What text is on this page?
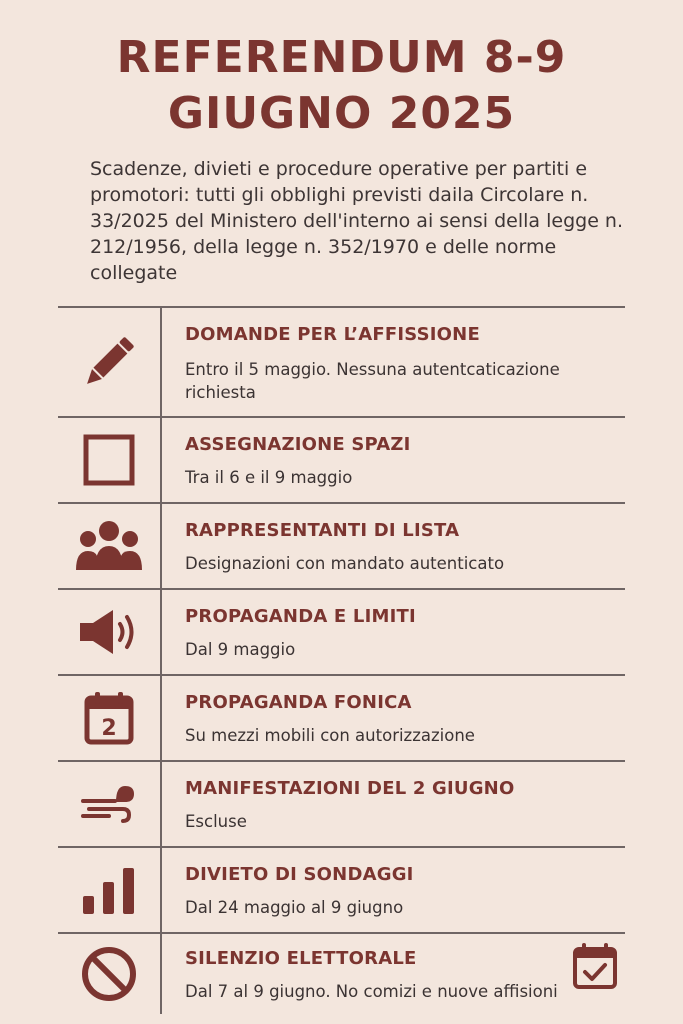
REFERENDUM 8-9
GIUGNO 2025
Scadenze, divieti e procedure operative per partiti e promotori: tutti gli obblighi previsti daila Circolare n. 33/2025 del Ministero dell'interno ai sensi della legge n. 212/1956, della legge n. 352/1970 e delle norme collegate
DOMANDE PER L’AFFISSIONE
Entro il 5 maggio. Nessuna autentcaticazione richiesta
ASSEGNAZIONE SPAZI
Tra il 6 e il 9 maggio
RAPPRESENTANTI DI LISTA
Designazioni con mandato autenticato
PROPAGANDA E LIMITI
Dal 9 maggio
2
PROPAGANDA FONICA
Su mezzi mobili con autorizzazione
MANIFESTAZIONI DEL 2 GIUGNO
Escluse
DIVIETO DI SONDAGGI
Dal 24 maggio al 9 giugno
SILENZIO ELETTORALE
Dal 7 al 9 giugno. No comizi e nuove affisioni
